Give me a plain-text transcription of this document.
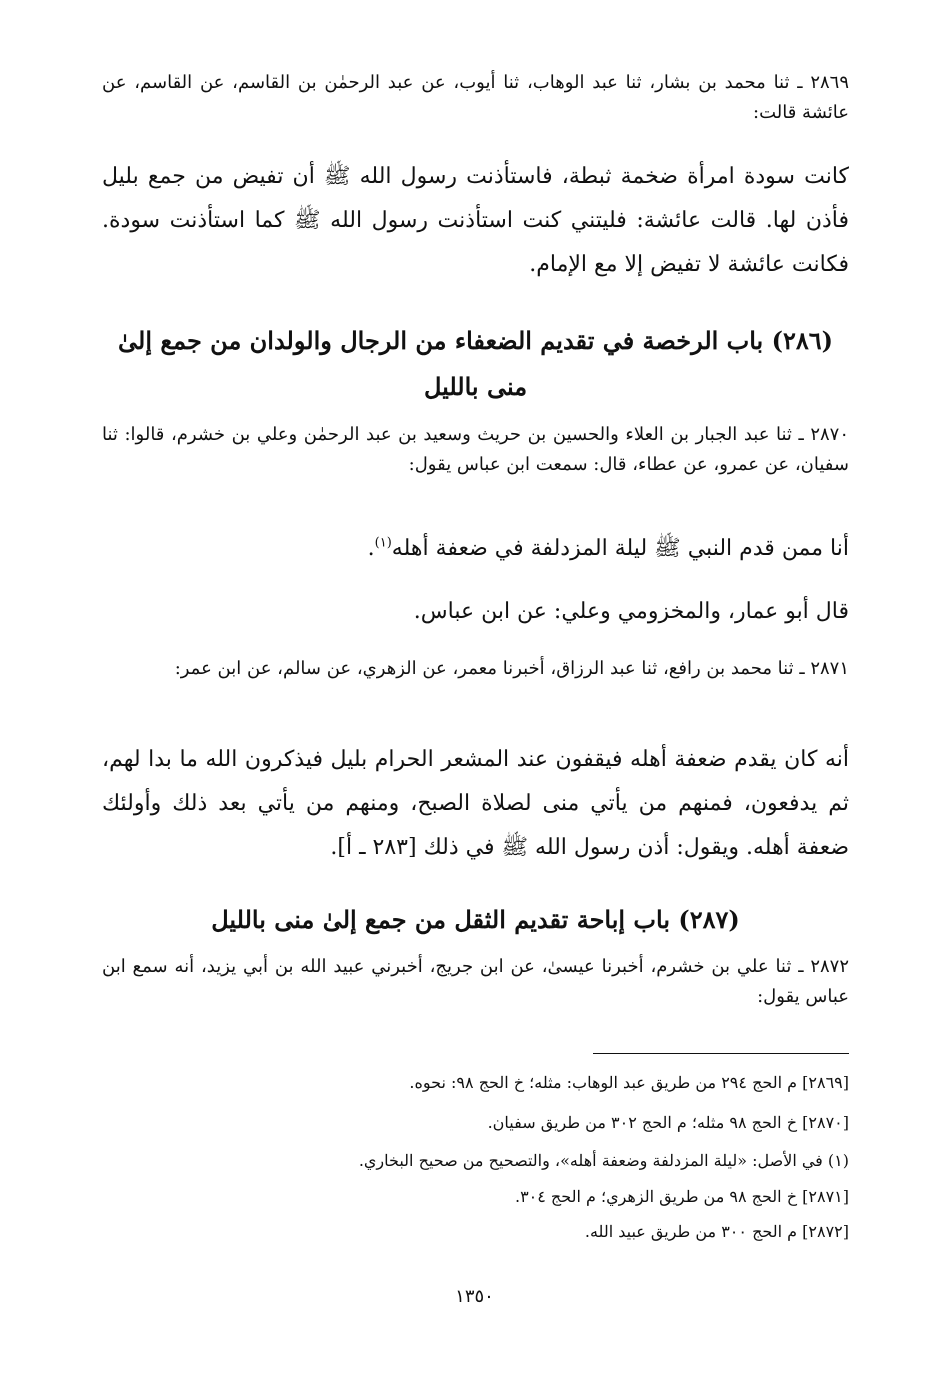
٢٨٦٩ ـ ثنا محمد بن بشار، ثنا عبد الوهاب، ثنا أيوب، عن عبد الرحمٰن بن القاسم، عن القاسم، عن عائشة قالت:

كانت سودة امرأة ضخمة ثبطة، فاستأذنت رسول الله ﷺ أن تفيض من جمع بليل فأذن لها. قالت عائشة: فليتني كنت استأذنت رسول الله ﷺ كما استأذنت سودة. فكانت عائشة لا تفيض إلا مع الإمام.

(٢٨٦) باب الرخصة في تقديم الضعفاء من الرجال والولدان من جمع إلىٰ منى بالليل

٢٨٧٠ ـ ثنا عبد الجبار بن العلاء والحسين بن حريث وسعيد بن عبد الرحمٰن وعلي بن خشرم، قالوا: ثنا سفيان، عن عمرو، عن عطاء، قال: سمعت ابن عباس يقول:

أنا ممن قدم النبي ﷺ ليلة المزدلفة في ضعفة أهله$^{(١)}$.

قال أبو عمار، والمخزومي وعلي: عن ابن عباس.

٢٨٧١ ـ ثنا محمد بن رافع، ثنا عبد الرزاق، أخبرنا معمر، عن الزهري، عن سالم، عن ابن عمر:

أنه كان يقدم ضعفة أهله فيقفون عند المشعر الحرام بليل فيذكرون الله ما بدا لهم، ثم يدفعون، فمنهم من يأتي منى لصلاة الصبح، ومنهم من يأتي بعد ذلك وأولئك ضعفة أهله. ويقول: أذن رسول الله ﷺ في ذلك [٢٨٣ ـ أ].

(٢٨٧) باب إباحة تقديم الثقل من جمع إلىٰ منى بالليل

٢٨٧٢ ـ ثنا علي بن خشرم، أخبرنا عيسىٰ، عن ابن جريج، أخبرني عبيد الله بن أبي يزيد، أنه سمع ابن عباس يقول:

[٢٨٦٩] م الحج ٢٩٤ من طريق عبد الوهاب: مثله؛ خ الحج ٩٨: نحوه.
[٢٨٧٠] خ الحج ٩٨ مثله؛ م الحج ٣٠٢ من طريق سفيان.
(١) في الأصل: «ليلة المزدلفة وضعفة أهله»، والتصحيح من صحيح البخاري.
[٢٨٧١] خ الحج ٩٨ من طريق الزهري؛ م الحج ٣٠٤.
[٢٨٧٢] م الحج ٣٠٠ من طريق عبيد الله.
١٣٥٠
